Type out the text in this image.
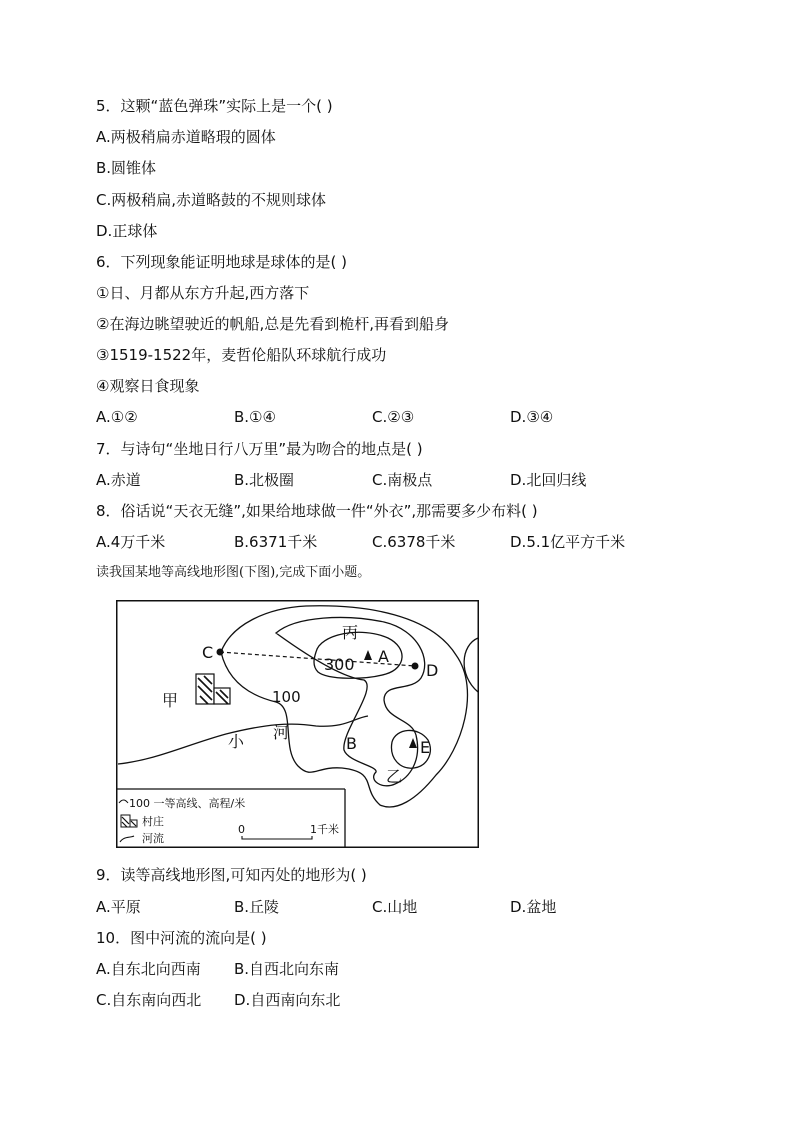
5．这颗“蓝色弹珠”实际上是一个( )
A.两极稍扁赤道略瑕的圆体
B.圆锥体
C.两极稍扁,赤道略鼓的不规则球体
D.正球体
6．下列现象能证明地球是球体的是( )
①日、月都从东方升起,西方落下
②在海边眺望驶近的帆船,总是先看到桅杆,再看到船身
③1519-1522年，麦哲伦船队环球航行成功
④观察日食现象
A.①②	B.①④	C.②③	D.③④
7．与诗句“坐地日行八万里”最为吻合的地点是( )
A.赤道	B.北极圈	C.南极点	D.北回归线
8．俗话说“天衣无缝”,如果给地球做一件“外衣”,那需要多少布料( )
A.4万千米	B.6371千米	C.6378千米	D.5.1亿平方千米
读我国某地等高线地形图(下图),完成下面小题。
丙
A
C
D
300
100
甲
小 河
B	E
乙
100 一等高线、高程/米
村庄
河流
0	1千米
9．读等高线地形图,可知丙处的地形为( )
A.平原	B.丘陵	C.山地	D.盆地
10．图中河流的流向是( )
A.自东北向西南 B.自西北向东南
C.自东南向西北 D.自西南向东北
